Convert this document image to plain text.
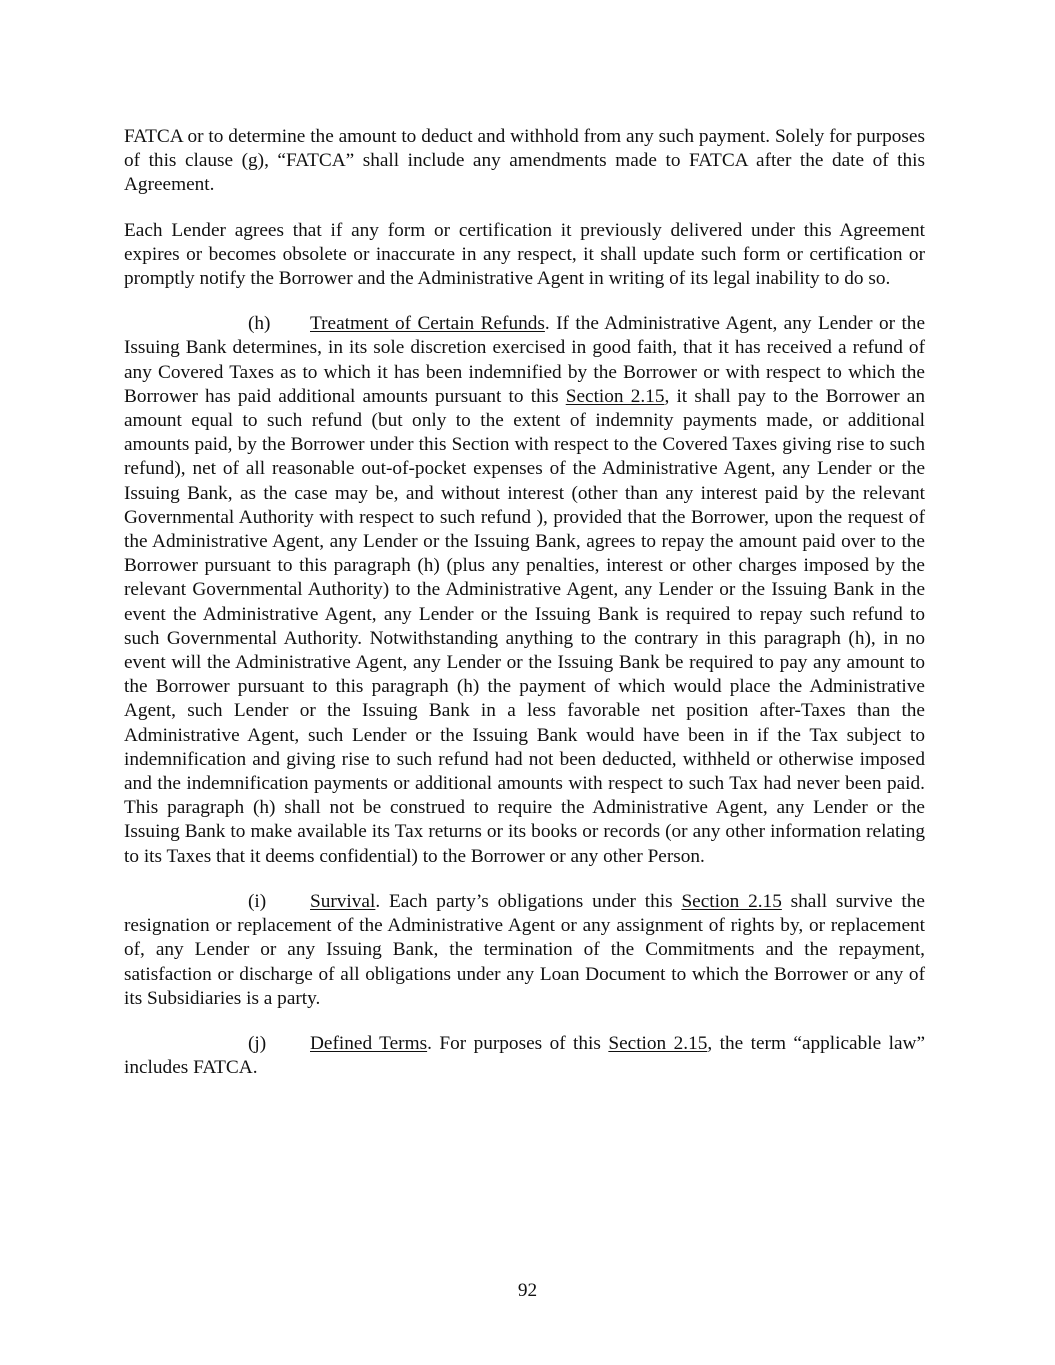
FATCA or to determine the amount to deduct and withhold from any such payment. Solely for purposes of this clause (g), “FATCA” shall include any amendments made to FATCA after the date of this Agreement.

Each Lender agrees that if any form or certification it previously delivered under this Agreement expires or becomes obsolete or inaccurate in any respect, it shall update such form or certification or promptly notify the Borrower and the Administrative Agent in writing of its legal inability to do so.

(h) Treatment of Certain Refunds. If the Administrative Agent, any Lender or the Issuing Bank determines, in its sole discretion exercised in good faith, that it has received a refund of any Covered Taxes as to which it has been indemnified by the Borrower or with respect to which the Borrower has paid additional amounts pursuant to this Section 2.15, it shall pay to the Borrower an amount equal to such refund (but only to the extent of indemnity payments made, or additional amounts paid, by the Borrower under this Section with respect to the Covered Taxes giving rise to such refund), net of all reasonable out-of-pocket expenses of the Administrative Agent, any Lender or the Issuing Bank, as the case may be, and without interest (other than any interest paid by the relevant Governmental Authority with respect to such refund ), provided that the Borrower, upon the request of the Administrative Agent, any Lender or the Issuing Bank, agrees to repay the amount paid over to the Borrower pursuant to this paragraph (h) (plus any penalties, interest or other charges imposed by the relevant Governmental Authority) to the Administrative Agent, any Lender or the Issuing Bank in the event the Administrative Agent, any Lender or the Issuing Bank is required to repay such refund to such Governmental Authority. Notwithstanding anything to the contrary in this paragraph (h), in no event will the Administrative Agent, any Lender or the Issuing Bank be required to pay any amount to the Borrower pursuant to this paragraph (h) the payment of which would place the Administrative Agent, such Lender or the Issuing Bank in a less favorable net position after-Taxes than the Administrative Agent, such Lender or the Issuing Bank would have been in if the Tax subject to indemnification and giving rise to such refund had not been deducted, withheld or otherwise imposed and the indemnification payments or additional amounts with respect to such Tax had never been paid. This paragraph (h) shall not be construed to require the Administrative Agent, any Lender or the Issuing Bank to make available its Tax returns or its books or records (or any other information relating to its Taxes that it deems confidential) to the Borrower or any other Person.

(i) Survival. Each party’s obligations under this Section 2.15 shall survive the resignation or replacement of the Administrative Agent or any assignment of rights by, or replacement of, any Lender or any Issuing Bank, the termination of the Commitments and the repayment, satisfaction or discharge of all obligations under any Loan Document to which the Borrower or any of its Subsidiaries is a party.

(j) Defined Terms. For purposes of this Section 2.15, the term “applicable law” includes FATCA.

92
